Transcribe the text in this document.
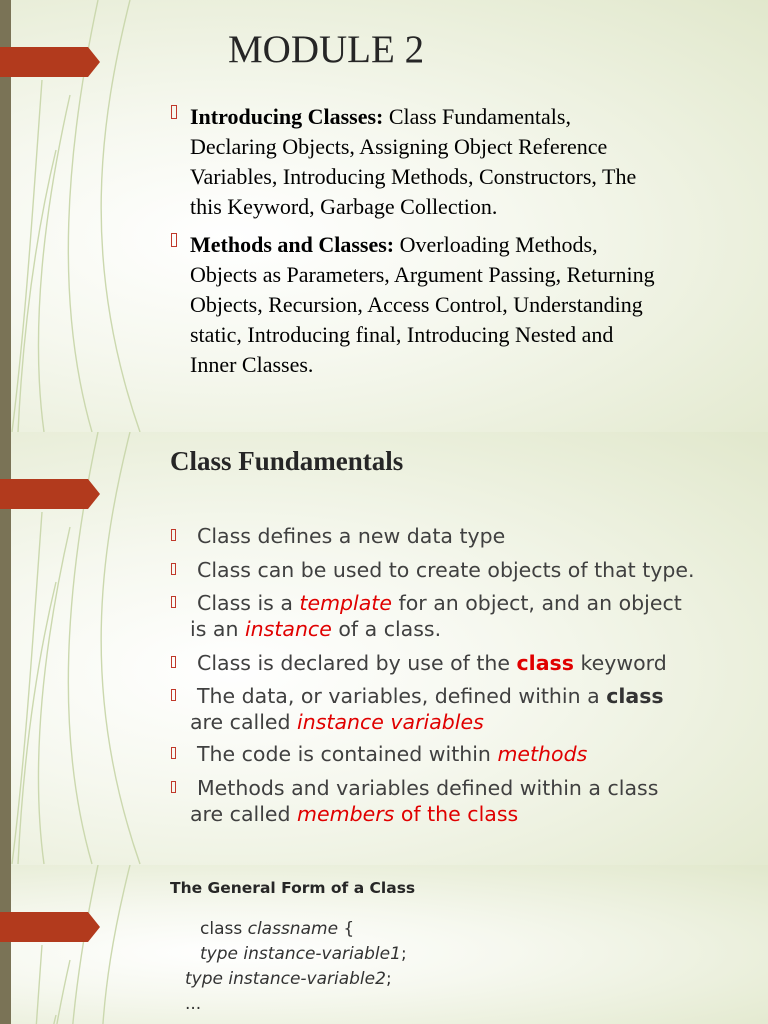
MODULE 2
Introducing Classes: Class Fundamentals,
Declaring Objects, Assigning Object Reference
Variables, Introducing Methods, Constructors, The
this Keyword, Garbage Collection.
Methods and Classes: Overloading Methods,
Objects as Parameters, Argument Passing, Returning
Objects, Recursion, Access Control, Understanding
static, Introducing final, Introducing Nested and
Inner Classes.
Class Fundamentals
Class defines a new data type
Class can be used to create objects of that type.
Class is a template for an object, and an object
is an instance of a class.
Class is declared by use of the class keyword
The data, or variables, defined within a class
are called instance variables
The code is contained within methods
Methods and variables defined within a class
are called members of the class
The General Form of a Class
class classname {
type instance-variable1;
type instance-variable2;
...
